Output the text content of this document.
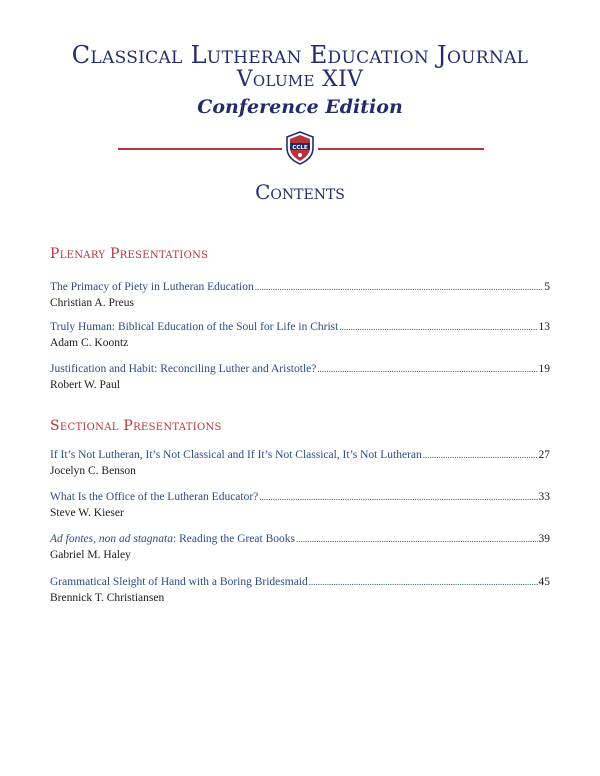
Classical Lutheran Education Journal
Volume XIV
Conference Edition
CCLE
Contents
Plenary Presentations
The Primacy of Piety in Lutheran Education .....	5
Christian A. Preus
Truly Human: Biblical Education of the Soul for Life in Christ .....	13
Adam C. Koontz
Justification and Habit: Reconciling Luther and Aristotle? .....	19
Robert W. Paul
Sectional Presentations
If It’s Not Lutheran, It’s Not Classical and If It’s Not Classical, It’s Not Lutheran .....	27
Jocelyn C. Benson
What Is the Office of the Lutheran Educator? .....	33
Steve W. Kieser
Ad fontes, non ad stagnata: Reading the Great Books .....	39
Gabriel M. Haley
Grammatical Sleight of Hand with a Boring Bridesmaid .....	45
Brennick T. Christiansen
